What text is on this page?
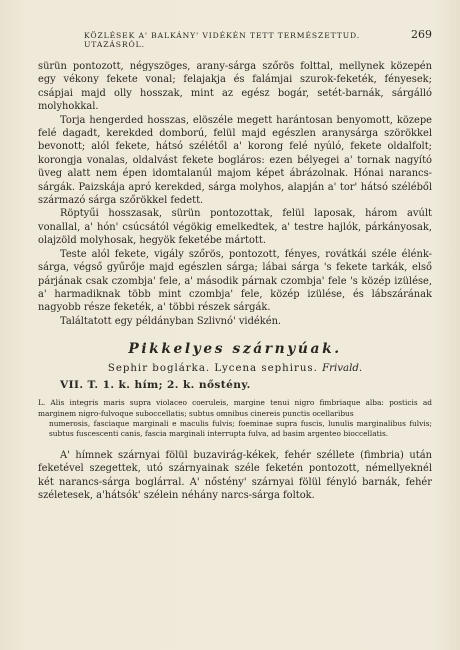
KÖZLÉSEK A' BALKÁNY' VIDÉKÉN TETT TERMÉSZETTUD. UTAZÁSRÓL.
269

sürün pontozott, négyszöges, arany-sárga szőrös folttal, mellynek közepén egy vékony fekete vonal; felajakja és falámjai szurok-feketék, fényesek; csápjai majd olly hosszak, mint az egész bogár, setét-barnák, sárgálló molyhokkal.

Torja hengerded hosszas, elöszéle megett harántosan benyomott, közepe felé dagadt, kerekded domború, felül majd egészlen aranysárga szörökkel bevonott; alól fekete, hátsó szélétől a' korong felé nyúló, fekete oldalfolt; korongja vonalas, oldalvást fekete bogláros: ezen bélyegei a' tornak nagyító üveg alatt nem épen idomtalanúl majom képet ábrázolnak. Hónai narancs-sárgák. Paizskája apró kerekded, sárga molyhos, alapján a' tor' hátsó széléből származó sárga szőrökkel fedett.

Röptyűi hosszasak, sürün pontozottak, felül laposak, három avúlt vonallal, a' hón' csúcsától végökig emelkedtek, a' testre hajlók, párkányosak, olajzöld molyhosak, hegyök feketébe mártott.

Teste alól fekete, vigály szőrös, pontozott, fényes, rovátkái széle élénk-sárga, végső gyűrője majd egészlen sárga; lábai sárga 's fekete tarkák, első párjának csak czombja' fele, a' második párnak czombja' fele 's közép izülése, a' harmadiknak több mint czombja' fele, közép izülése, és lábszárának nagyobb része feketék, a' többi részek sárgák.

Találtatott egy példányban Szlivnó' vidékén.

Pikkelyes szárnyúak.
Sephir boglárka. Lycena sephirus. Frivald.
VII. T. 1. k. hím; 2. k. nőstény.

L. Alis integris maris supra violaceo coeruleis, margine tenui nigro fimbriaque alba: posticis ad marginem nigro-fulvoque suboccellatis; subtus omnibus cinereis punctis ocellaribus

numerosis, fasciaque marginali e maculis fulvis; foeminae supra fuscis, lunulis marginalibus fulvis; subtus fuscescenti canis, fascia marginali interrupta fulva, ad basim argenteo bioccellatis.

A' hímnek szárnyai fölül buzavirág-kékek, fehér széllete (fimbria) után feketével szegettek, utó szárnyainak széle feketén pontozott, némellyeknél két narancs-sárga boglárral. A' nőstény' szárnyai fölül fényló barnák, fehér széletesek, a'hátsók' szélein néhány narcs-sárga foltok.
